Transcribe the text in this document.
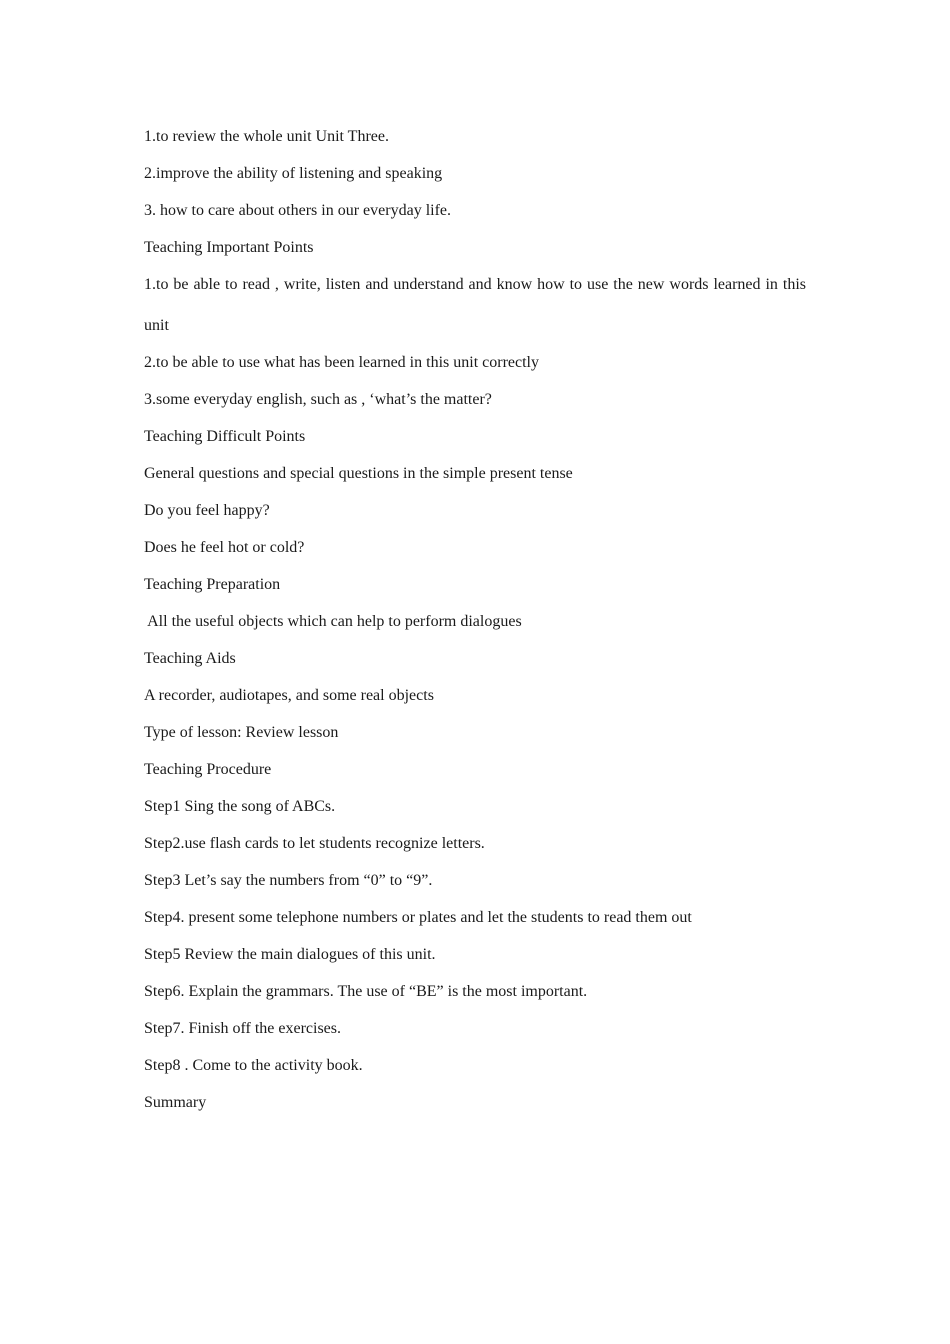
1.to review the whole unit Unit Three.
2.improve the ability of listening and speaking
3. how to care about others in our everyday life.
Teaching Important Points
1.to be able to read , write, listen and understand and know how to use the new words learned in this unit
2.to be able to use what has been learned in this unit correctly
3.some everyday english, such as , ‘what’s the matter?
Teaching Difficult Points
General questions and special questions in the simple present tense
Do you feel happy?
Does he feel hot or cold?
Teaching Preparation
All the useful objects which can help to perform dialogues
Teaching Aids
A recorder, audiotapes, and some real objects
Type of lesson: Review lesson
Teaching Procedure
Step1 Sing the song of ABCs.
Step2.use flash cards to let students recognize letters.
Step3 Let’s say the numbers from “0” to “9”.
Step4. present some telephone numbers or plates and let the students to read them out
Step5 Review the main dialogues of this unit.
Step6. Explain the grammars. The use of “BE” is the most important.
Step7. Finish off the exercises.
Step8 . Come to the activity book.
Summary
